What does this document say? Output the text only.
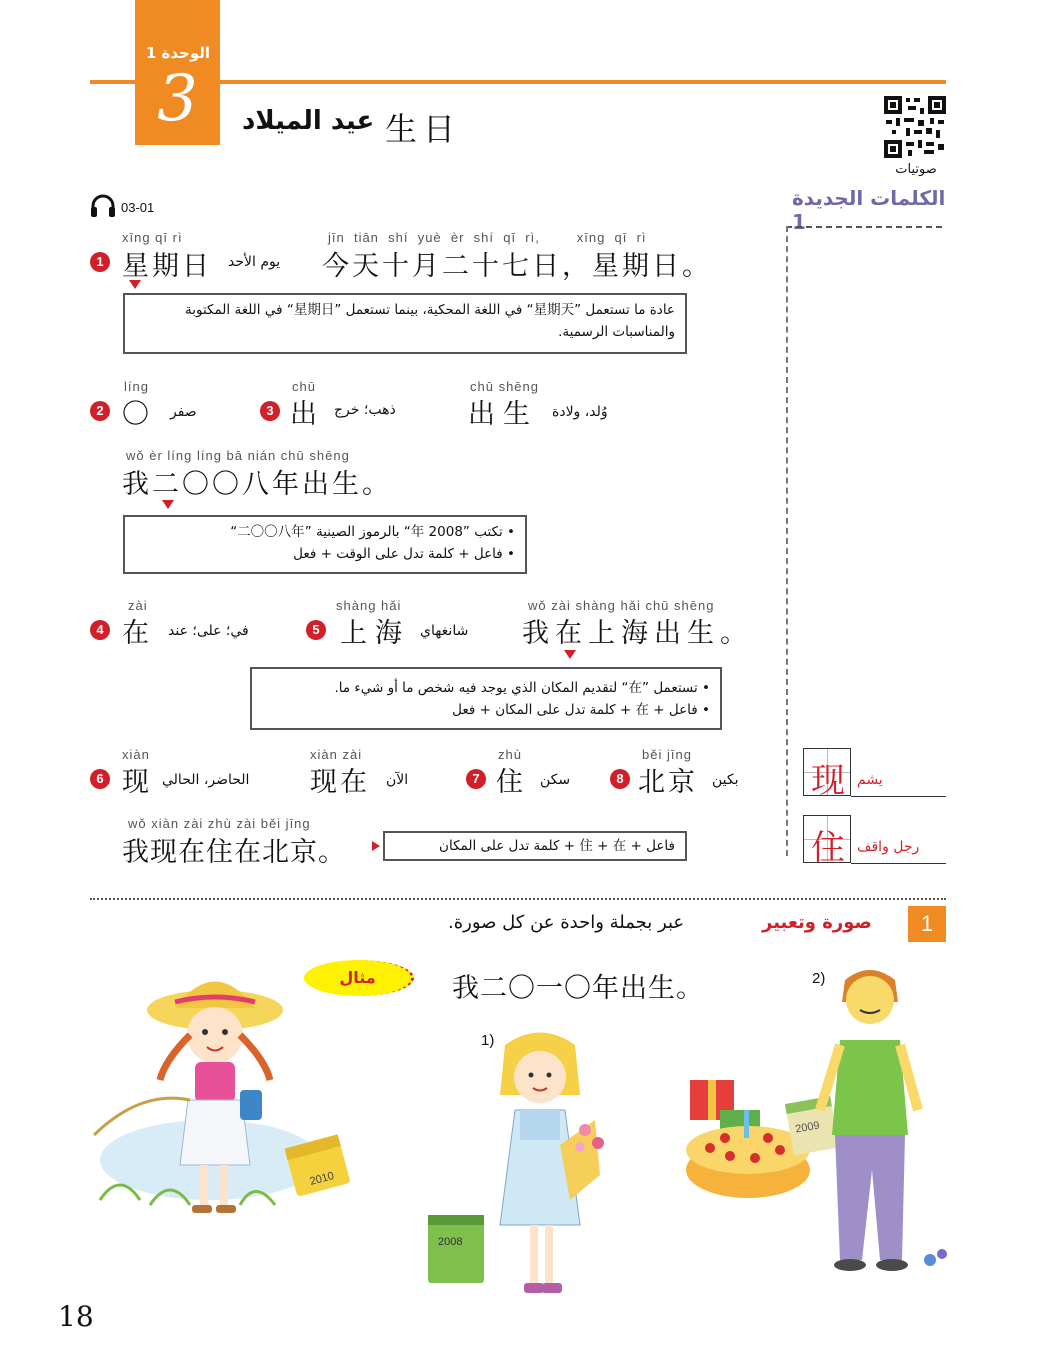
الوحدة 1
3	عيد الميلاد 生日
صوتيات
الكلمات الجديدة 1
现 يشم
住 رجل واقف
03-01
1
xīng qī rì
星期日 يوم الأحد
jīn  tiān  shí  yuè  èr  shí  qī  rì,        xīng  qī  rì
今天十月二十七日，星期日。
عادة ما تستعمل ”星期天“ في اللغة المحكية، بينما تستعمل ”星期日“ في اللغة المكتوبة والمناسبات الرسمية.
2
líng
〇 صفر	3
chū
出 ذهب؛ خرج
chū shēng
出生 وُلد، ولادة
wǒ èr líng líng bā nián chū shēng
我二〇〇八年出生。
• تكتب ”2008 年“ بالرموز الصينية ”二〇〇八年“
• فاعل + كلمة تدل على الوقت + فعل
4
zài
在 في؛ على؛ عند	5
shàng hǎi
上海 شانغهاي
wǒ zài shàng hǎi chū shēng
我在上海出生。
• تستعمل ”在“ لتقديم المكان الذي يوجد فيه شخص ما أو شيء ما.
• فاعل + 在 + كلمة تدل على المكان + فعل
6
xiàn
现 الحاضر، الحالي
xiàn zài
现在 الآن	7
zhù
住 سكن	8
běi jīng
北京 بكين
wǒ xiàn zài zhù zài běi jīng
我现在住在北京。	فاعل + 住 + 在 + كلمة تدل على المكان
1
صورة وتعبير
عبر بجملة واحدة عن كل صورة.
مثال	我二〇一〇年出生。
1)
2)
2010
2008
2009
18
